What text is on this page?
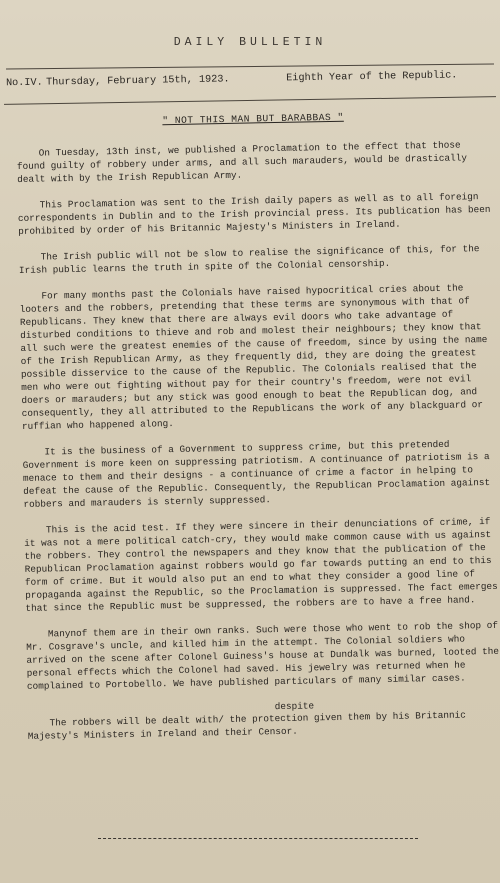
DAILY BULLETIN
No.IV. Thursday, February 15th, 1923.	Eighth Year of the Republic.
" NOT THIS MAN BUT BARABBAS "

On Tuesday, 13th inst, we published a Proclamation to the effect that those found guilty of robbery under arms, and all such marauders, would be drastically dealt with by the Irish Republican Army.

This Proclamation was sent to the Irish daily papers as well as to all foreign correspondents in Dublin and to the Irish provincial press. Its publication has been prohibited by order of his Britannic Majesty's Ministers in Ireland.

The Irish public will not be slow to realise the significance of this, for the Irish public learns the truth in spite of the Colonial censorship.

For many months past the Colonials have raised hypocritical cries about the looters and the robbers, pretending that these terms are synonymous with that of Republicans. They knew that there are always evil doors who take advantage of disturbed conditions to thieve and rob and molest their neighbours; they know that all such were the greatest enemies of the cause of freedom, since by using the name of the Irish Republican Army, as they frequently did, they are doing the greatest possible disservice to the cause of the Republic. The Colonials realised that the men who were out fighting without pay for their country's freedom, were not evil doers or marauders; but any stick was good enough to beat the Republican dog, and consequently, they all attributed to the Republicans the work of any blackguard or ruffian who happened along.

It is the business of a Government to suppress crime, but this pretended Government is more keen on suppressing patriotism. A continuance of patriotism is a menace to them and their designs - a continuance of crime a factor in helping to defeat the cause of the Republic. Consequently, the Republican Proclamation against robbers and marauders is sternly suppressed.

This is the acid test. If they were sincere in their denunciations of crime, if it was not a mere political catch-cry, they would make common cause with us against the robbers. They control the newspapers and they know that the publication of the Republican Proclamation against robbers would go far towards putting an end to this form of crime. But it would also put an end to what they consider a good line of propaganda against the Republic, so the Proclamation is suppressed. The fact emerges that since the Republic must be suppressed, the robbers are to have a free hand.

Manynof them are in their own ranks. Such were those who went to rob the shop of Mr. Cosgrave's uncle, and killed him in the attempt. The Colonial soldiers who arrived on the scene after Colonel Guiness's house at Dundalk was burned, looted the personal effects which the Colonel had saved. His jewelry was returned when he complained to Portobello. We have published particulars of many similar cases.

despite

The robbers will be dealt with/ the protection given them by his Britannic Majesty's Ministers in Ireland and their Censor.
